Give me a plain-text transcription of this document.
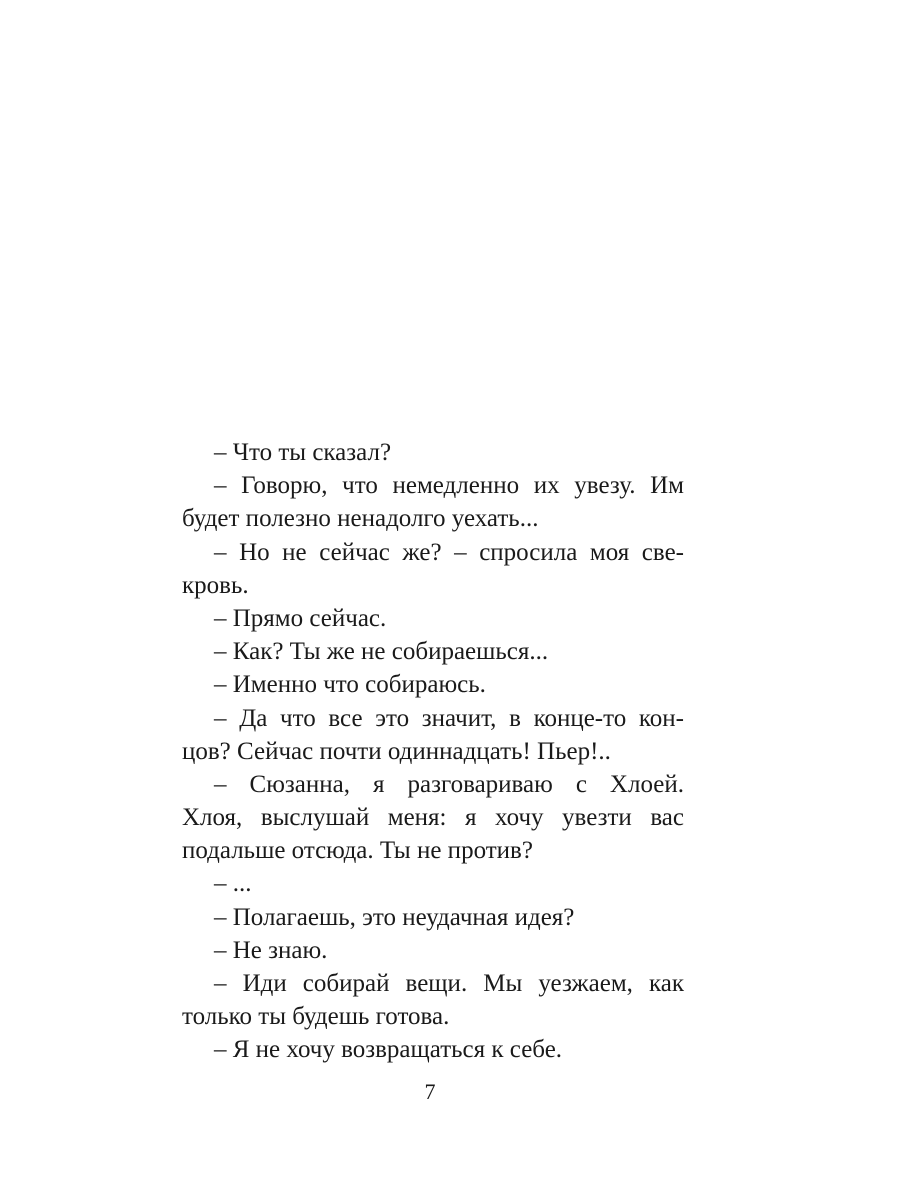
– Что ты сказал?
– Говорю, что немедленно их увезу. Им
будет полезно ненадолго уехать...
– Но не сейчас же? – спросила моя све-
кровь.
– Прямо сейчас.
– Как? Ты же не собираешься...
– Именно что собираюсь.
– Да что все это значит, в конце-то кон-
цов? Сейчас почти одиннадцать! Пьер!..
– Сюзанна, я разговариваю с Хлоей.
Хлоя, выслушай меня: я хочу увезти вас
подальше отсюда. Ты не против?
– ...
– Полагаешь, это неудачная идея?
– Не знаю.
– Иди собирай вещи. Мы уезжаем, как
только ты будешь готова.
– Я не хочу возвращаться к себе.
7
